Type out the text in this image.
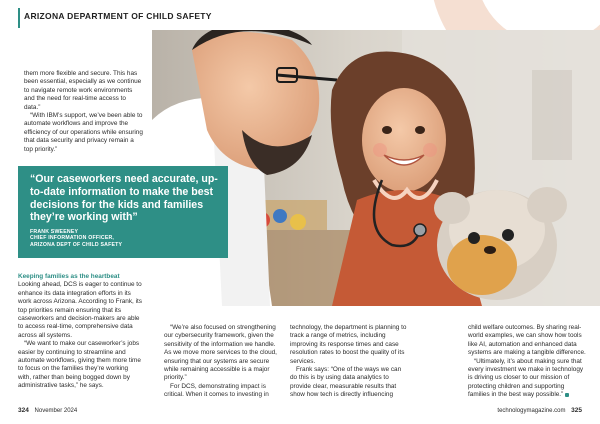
ARIZONA DEPARTMENT OF CHILD SAFETY

them more flexible and secure. This has been essential, especially as we continue to navigate remote work environments and the need for real-time access to data.”

“With IBM’s support, we’ve been able to automate workflows and improve the efficiency of our operations while ensuring that data security and privacy remain a top priority.”

“Our caseworkers need accurate, up-to-date information to make the best decisions for the kids and families they’re working with”
FRANK SWEENEY
CHIEF INFORMATION OFFICER,
ARIZONA DEPT OF CHILD SAFETY

Keeping families as the heartbeat

Looking ahead, DCS is eager to continue to enhance its data integration efforts in its work across Arizona. According to Frank, its top priorities remain ensuring that its caseworkers and decision-makers are able to access real-time, comprehensive data across all systems.

“We want to make our caseworker’s jobs easier by continuing to streamline and automate workflows, giving them more time to focus on the families they’re working with, rather than being bogged down by administrative tasks,” he says.

“We’re also focused on strengthening our cybersecurity framework, given the sensitivity of the information we handle. As we move more services to the cloud, ensuring that our systems are secure while remaining accessible is a major priority.”

For DCS, demonstrating impact is critical. When it comes to investing in

technology, the department is planning to track a range of metrics, including improving its response times and case resolution rates to boost the quality of its services.

Frank says: “One of the ways we can do this is by using data analytics to provide clear, measurable results that show how tech is directly influencing

child welfare outcomes. By sharing real-world examples, we can show how tools like AI, automation and enhanced data systems are making a tangible difference.

“Ultimately, it’s about making sure that every investment we make in technology is driving us closer to our mission of protecting children and supporting families in the best way possible.”

324 November 2024	technologymagazine.com 325
